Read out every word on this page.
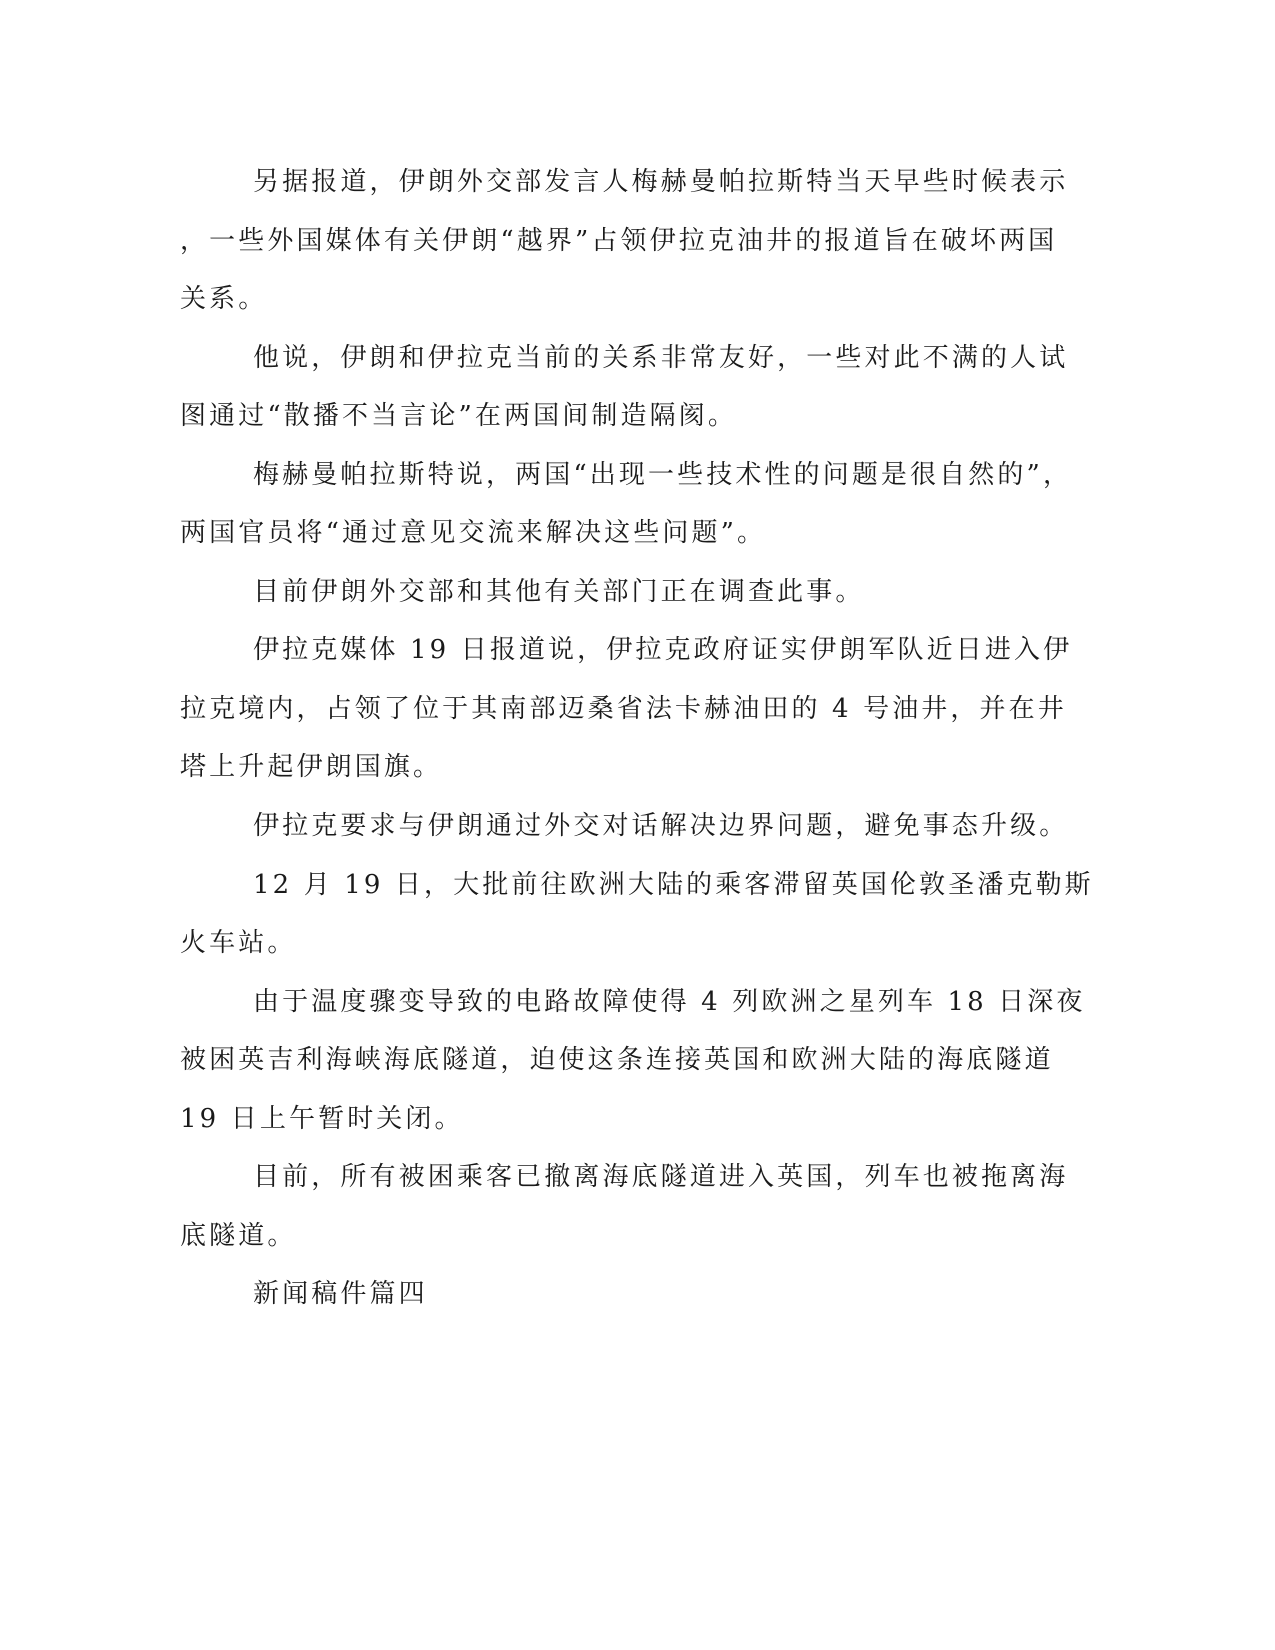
另据报道，伊朗外交部发言人梅赫曼帕拉斯特当天早些时候表示
，一些外国媒体有关伊朗“越界”占领伊拉克油井的报道旨在破坏两国
关系。
他说，伊朗和伊拉克当前的关系非常友好，一些对此不满的人试
图通过“散播不当言论”在两国间制造隔阂。
梅赫曼帕拉斯特说，两国“出现一些技术性的问题是很自然的”，
两国官员将“通过意见交流来解决这些问题”。
目前伊朗外交部和其他有关部门正在调查此事。
伊拉克媒体 19 日报道说，伊拉克政府证实伊朗军队近日进入伊
拉克境内，占领了位于其南部迈桑省法卡赫油田的 4 号油井，并在井
塔上升起伊朗国旗。
伊拉克要求与伊朗通过外交对话解决边界问题，避免事态升级。
12 月 19 日，大批前往欧洲大陆的乘客滞留英国伦敦圣潘克勒斯
火车站。
由于温度骤变导致的电路故障使得 4 列欧洲之星列车 18 日深夜
被困英吉利海峡海底隧道，迫使这条连接英国和欧洲大陆的海底隧道
19 日上午暂时关闭。
目前，所有被困乘客已撤离海底隧道进入英国，列车也被拖离海
底隧道。
新闻稿件篇四
